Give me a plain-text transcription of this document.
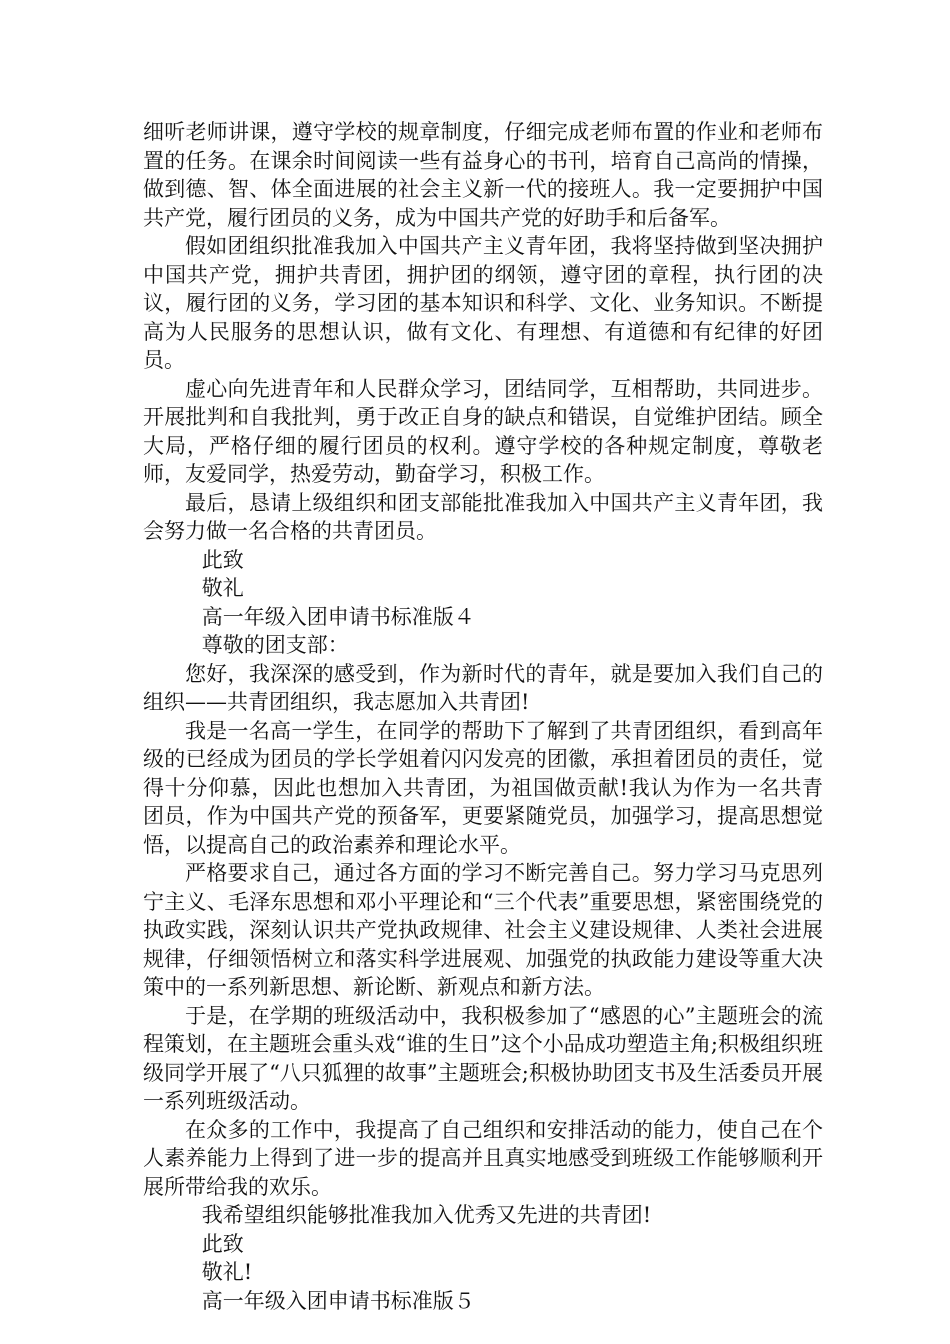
细听老师讲课，遵守学校的规章制度，仔细完成老师布置的作业和老师布置的任务。在课余时间阅读一些有益身心的书刊，培育自己高尚的情操，做到德、智、体全面进展的社会主义新一代的接班人。我一定要拥护中国共产党，履行团员的义务，成为中国共产党的好助手和后备军。

假如团组织批准我加入中国共产主义青年团，我将坚持做到坚决拥护中国共产党，拥护共青团，拥护团的纲领，遵守团的章程，执行团的决议，履行团的义务，学习团的基本知识和科学、文化、业务知识。不断提高为人民服务的思想认识，做有文化、有理想、有道德和有纪律的好团员。

虚心向先进青年和人民群众学习，团结同学，互相帮助，共同进步。开展批判和自我批判，勇于改正自身的缺点和错误，自觉维护团结。顾全大局，严格仔细的履行团员的权利。遵守学校的各种规定制度，尊敬老师，友爱同学，热爱劳动，勤奋学习，积极工作。

最后，恳请上级组织和团支部能批准我加入中国共产主义青年团，我会努力做一名合格的共青团员。

此致

敬礼

高一年级入团申请书标准版４

尊敬的团支部：

您好，我深深的感受到，作为新时代的青年，就是要加入我们自己的组织——共青团组织，我志愿加入共青团!

我是一名高一学生，在同学的帮助下了解到了共青团组织，看到高年级的已经成为团员的学长学姐着闪闪发亮的团徽，承担着团员的责任，觉得十分仰慕，因此也想加入共青团，为祖国做贡献!我认为作为一名共青团员，作为中国共产党的预备军，更要紧随党员，加强学习，提高思想觉悟，以提高自己的政治素养和理论水平。

严格要求自己，通过各方面的学习不断完善自己。努力学习马克思列宁主义、毛泽东思想和邓小平理论和“三个代表”重要思想，紧密围绕党的执政实践，深刻认识共产党执政规律、社会主义建设规律、人类社会进展规律，仔细领悟树立和落实科学进展观、加强党的执政能力建设等重大决策中的一系列新思想、新论断、新观点和新方法。

于是，在学期的班级活动中，我积极参加了“感恩的心”主题班会的流程策划，在主题班会重头戏“谁的生日”这个小品成功塑造主角;积极组织班级同学开展了“八只狐狸的故事”主题班会;积极协助团支书及生活委员开展一系列班级活动。

在众多的工作中，我提高了自己组织和安排活动的能力，使自己在个人素养能力上得到了进一步的提高并且真实地感受到班级工作能够顺利开展所带给我的欢乐。

我希望组织能够批准我加入优秀又先进的共青团!

此致

敬礼!

高一年级入团申请书标准版５
